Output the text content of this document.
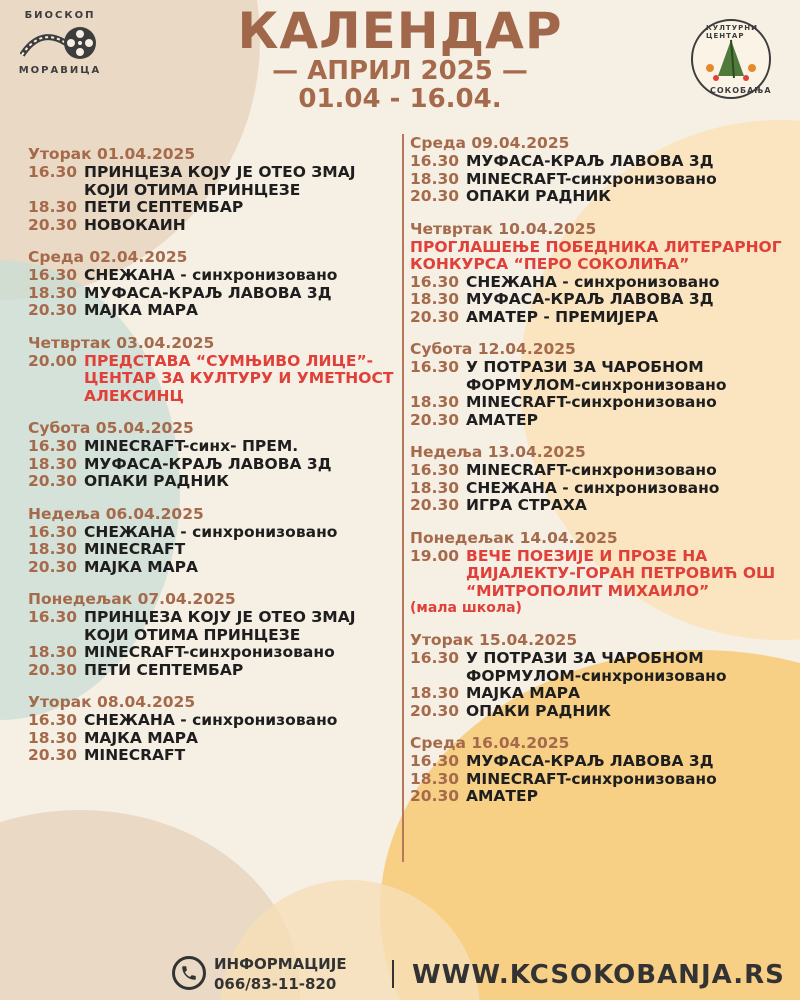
БИОСКОП
МОРАВИЦА
КУЛТУРНИ ЦЕНТАР
СОКОБАЊА
КАЛЕНДАР
— АПРИЛ 2025 —
01.04 - 16.04.
Уторак 01.04.2025
16.30 ПРИНЦЕЗА КОЈУ ЈЕ ОТЕО ЗМАЈ КОЈИ ОТИМА ПРИНЦЕЗЕ
18.30 ПЕТИ СЕПТЕМБАР
20.30 НОВОКАИН
Среда 02.04.2025
16.30 СНЕЖАНА - синхронизовано
18.30 МУФАСА-КРАЉ ЛАВОВА 3Д
20.30 МАЈКА МАРА
Четвртак 03.04.2025
20.00 ПРЕДСТАВА “СУМЊИВО ЛИЦЕ”-ЦЕНТАР ЗА КУЛТУРУ И УМЕТНОСТ АЛЕКСИНЦ
Субота 05.04.2025
16.30 MINECRAFT-синх- ПРЕМ.
18.30 МУФАСА-КРАЉ ЛАВОВА 3Д
20.30 ОПАКИ РАДНИК
Недеља 06.04.2025
16.30 СНЕЖАНА - синхронизовано
18.30 MINECRAFT
20.30 МАЈКА МАРА
Понедељак 07.04.2025
16.30 ПРИНЦЕЗА КОЈУ ЈЕ ОТЕО ЗМАЈ КОЈИ ОТИМА ПРИНЦЕЗЕ
18.30 MINECRAFT-синхронизовано
20.30 ПЕТИ СЕПТЕМБАР
Уторак 08.04.2025
16.30 СНЕЖАНА - синхронизовано
18.30 МАЈКА МАРА
20.30 MINECRAFT
Среда 09.04.2025
16.30 МУФАСА-КРАЉ ЛАВОВА 3Д
18.30 MINECRAFT-синхронизовано
20.30 ОПАКИ РАДНИК
Четвртак 10.04.2025
ПРОГЛАШЕЊЕ ПОБЕДНИКА ЛИТЕРАРНОГ КОНКУРСА “ПЕРО СОКОЛИЋА”
16.30 СНЕЖАНА - синхронизовано
18.30 МУФАСА-КРАЉ ЛАВОВА 3Д
20.30 АМАТЕР - ПРЕМИЈЕРА
Субота 12.04.2025
16.30 У ПОТРАЗИ ЗА ЧАРОБНОМ ФОРМУЛОМ-синхронизовано
18.30 MINECRAFT-синхронизовано
20.30 АМАТЕР
Недеља 13.04.2025
16.30 MINECRAFT-синхронизовано
18.30 СНЕЖАНА - синхронизовано
20.30 ИГРА СТРАХА
Понедељак 14.04.2025
19.00 ВЕЧЕ ПОЕЗИЈЕ И ПРОЗЕ НА ДИЈАЛЕКТУ-ГОРАН ПЕТРОВИЋ ОШ “МИТРОПОЛИТ МИХАИЛО”
(мала школа)
Уторак 15.04.2025
16.30 У ПОТРАЗИ ЗА ЧАРОБНОМ ФОРМУЛОМ-синхронизовано
18.30 МАЈКА МАРА
20.30 ОПАКИ РАДНИК
Среда 16.04.2025
16.30 МУФАСА-КРАЉ ЛАВОВА 3Д
18.30 MINECRAFT-синхронизовано
20.30 АМАТЕР
ИНФОРМАЦИЈЕ
066/83-11-820	WWW.KCSOKOBANJA.RS
